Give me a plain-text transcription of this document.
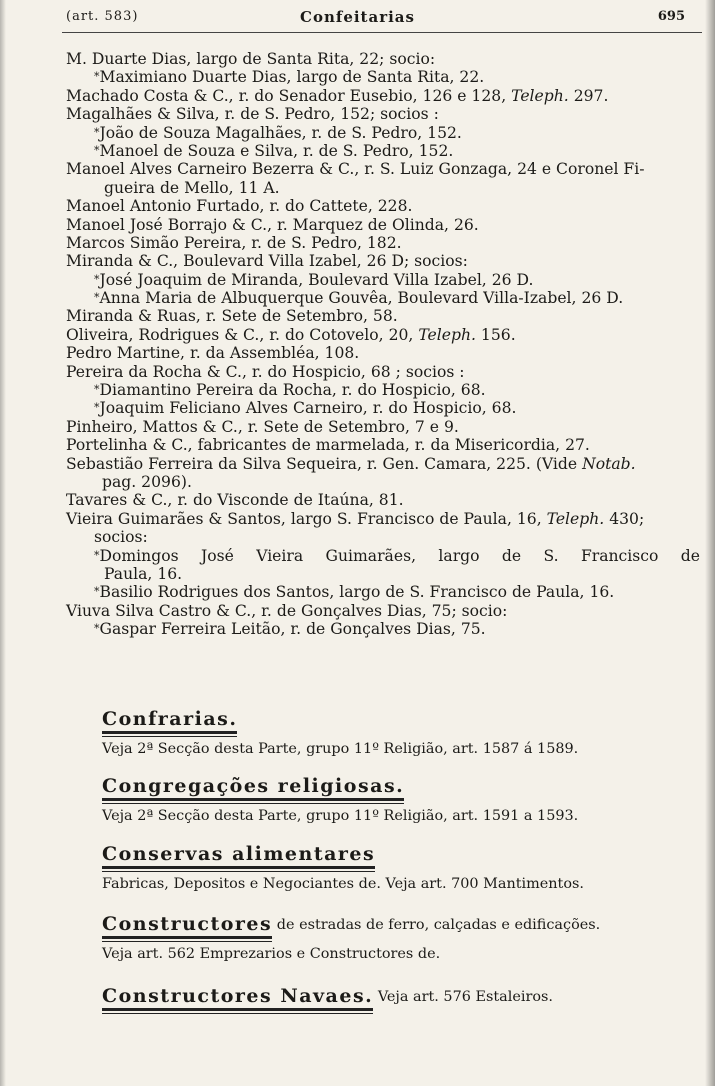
(art. 583)	Confeitarias	695
M. Duarte Dias, largo de Santa Rita, 22; socio:
*Maximiano Duarte Dias, largo de Santa Rita, 22.
Machado Costa & C., r. do Senador Eusebio, 126 e 128, Teleph. 297.
Magalhães & Silva, r. de S. Pedro, 152; socios :
*João de Souza Magalhães, r. de S. Pedro, 152.
*Manoel de Souza e Silva, r. de S. Pedro, 152.
Manoel Alves Carneiro Bezerra & C., r. S. Luiz Gonzaga, 24 e Coronel Fi-
gueira de Mello, 11 A.
Manoel Antonio Furtado, r. do Cattete, 228.
Manoel José Borrajo & C., r. Marquez de Olinda, 26.
Marcos Simão Pereira, r. de S. Pedro, 182.
Miranda & C., Boulevard Villa Izabel, 26 D; socios:
*José Joaquim de Miranda, Boulevard Villa Izabel, 26 D.
*Anna Maria de Albuquerque Gouvêa, Boulevard Villa-Izabel, 26 D.
Miranda & Ruas, r. Sete de Setembro, 58.
Oliveira, Rodrigues & C., r. do Cotovelo, 20, Teleph. 156.
Pedro Martine, r. da Assembléa, 108.
Pereira da Rocha & C., r. do Hospicio, 68 ; socios :
*Diamantino Pereira da Rocha, r. do Hospicio, 68.
*Joaquim Feliciano Alves Carneiro, r. do Hospicio, 68.
Pinheiro, Mattos & C., r. Sete de Setembro, 7 e 9.
Portelinha & C., fabricantes de marmelada, r. da Misericordia, 27.
Sebastião Ferreira da Silva Sequeira, r. Gen. Camara, 225. (Vide Notab.
pag. 2096).
Tavares & C., r. do Visconde de Itaúna, 81.
Vieira Guimarães & Santos, largo S. Francisco de Paula, 16, Teleph. 430;
socios:
*Domingos José Vieira Guimarães, largo de S. Francisco de
Paula, 16.
*Basilio Rodrigues dos Santos, largo de S. Francisco de Paula, 16.
Viuva Silva Castro & C., r. de Gonçalves Dias, 75; socio:
*Gaspar Ferreira Leitão, r. de Gonçalves Dias, 75.
Confrarias.
Veja 2ª Secção desta Parte, grupo 11º Religião, art. 1587 á 1589.
Congregações religiosas.
Veja 2ª Secção desta Parte, grupo 11º Religião, art. 1591 a 1593.
Conservas alimentares
Fabricas, Depositos e Negociantes de. Veja art. 700 Mantimentos.
Constructores
de estradas de ferro, calçadas e edificações.
Veja art. 562 Emprezarios e Constructores de.
Constructores Navaes.
Veja art. 576 Estaleiros.
